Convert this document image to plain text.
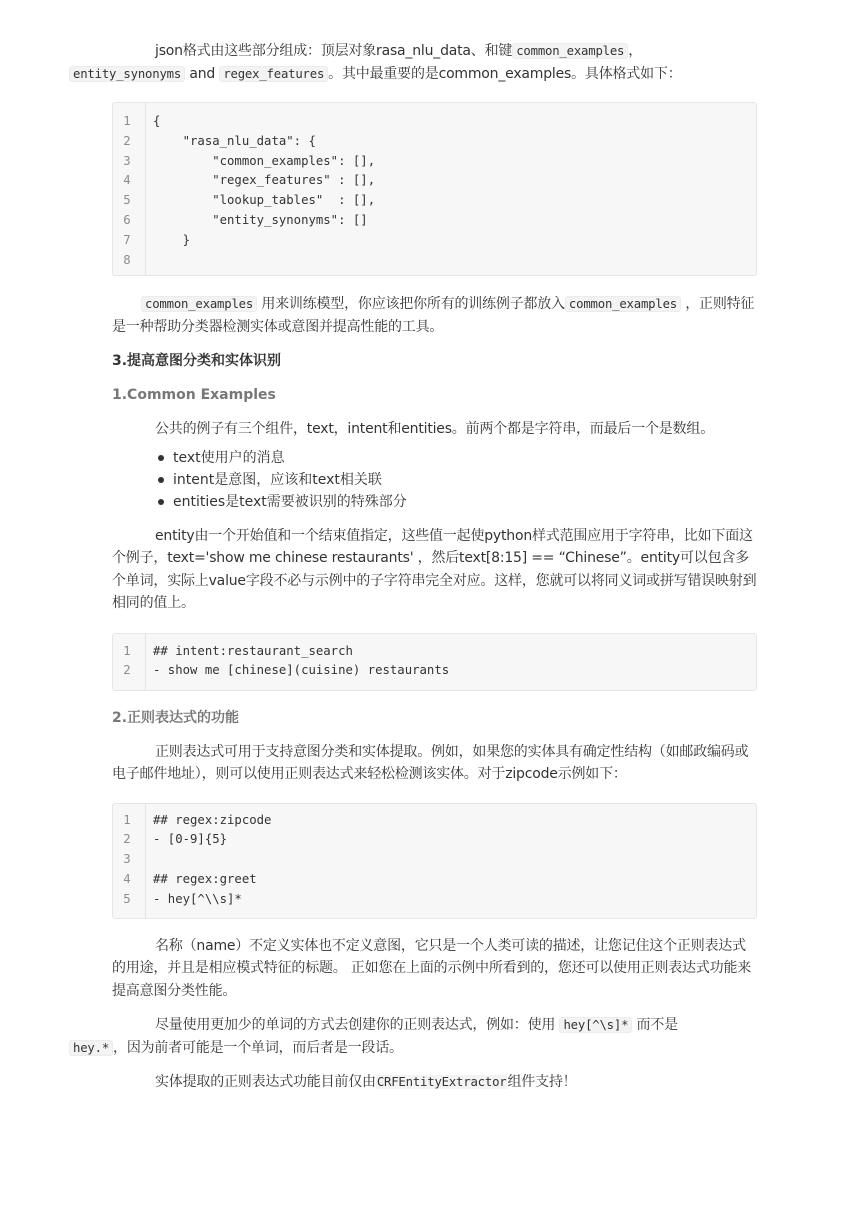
json格式由这些部分组成：顶层对象rasa_nlu_data、和键 common_examples ，
entity_synonyms and regex_features 。其中最重要的是common_examples。具体格式如下：

1	{
2	"rasa_nlu_data": {
3	"common_examples": [],
4	"regex_features" : [],
5	"lookup_tables"  : [],
6	"entity_synonyms": []
7	}
8

common_examples 用来训练模型，你应该把你所有的训练例子都放入 common_examples ，正则特征是一种帮助分类器检测实体或意图并提高性能的工具。

3.提高意图分类和实体识别
1.Common Examples

公共的例子有三个组件，text，intent和entities。前两个都是字符串，而最后一个是数组。

text使用户的消息
intent是意图，应该和text相关联
entities是text需要被识别的特殊部分

entity由一个开始值和一个结束值指定，这些值一起使python样式范围应用于字符串，比如下面这个例子，text='show me chinese restaurants' ，然后text[8:15] == “Chinese”。entity可以包含多个单词，实际上value字段不必与示例中的子字符串完全对应。这样，您就可以将同义词或拼写错误映射到相同的值上。

1	## intent:restaurant_search
2	- show me [chinese](cuisine) restaurants
2.正则表达式的功能

正则表达式可用于支持意图分类和实体提取。例如，如果您的实体具有确定性结构（如邮政编码或电子邮件地址），则可以使用正则表达式来轻松检测该实体。对于zipcode示例如下：

1	## regex:zipcode
2	- [0-9]{5}
3
4	## regex:greet
5	- hey[^\\s]*

名称（name）不定义实体也不定义意图，它只是一个人类可读的描述，让您记住这个正则表达式的用途，并且是相应模式特征的标题。 正如您在上面的示例中所看到的，您还可以使用正则表达式功能来提高意图分类性能。

尽量使用更加少的单词的方式去创建你的正则表达式，例如：使用 hey[^\s]* 而不是
hey.* ，因为前者可能是一个单词，而后者是一段话。

实体提取的正则表达式功能目前仅由CRFEntityExtractor组件支持！
